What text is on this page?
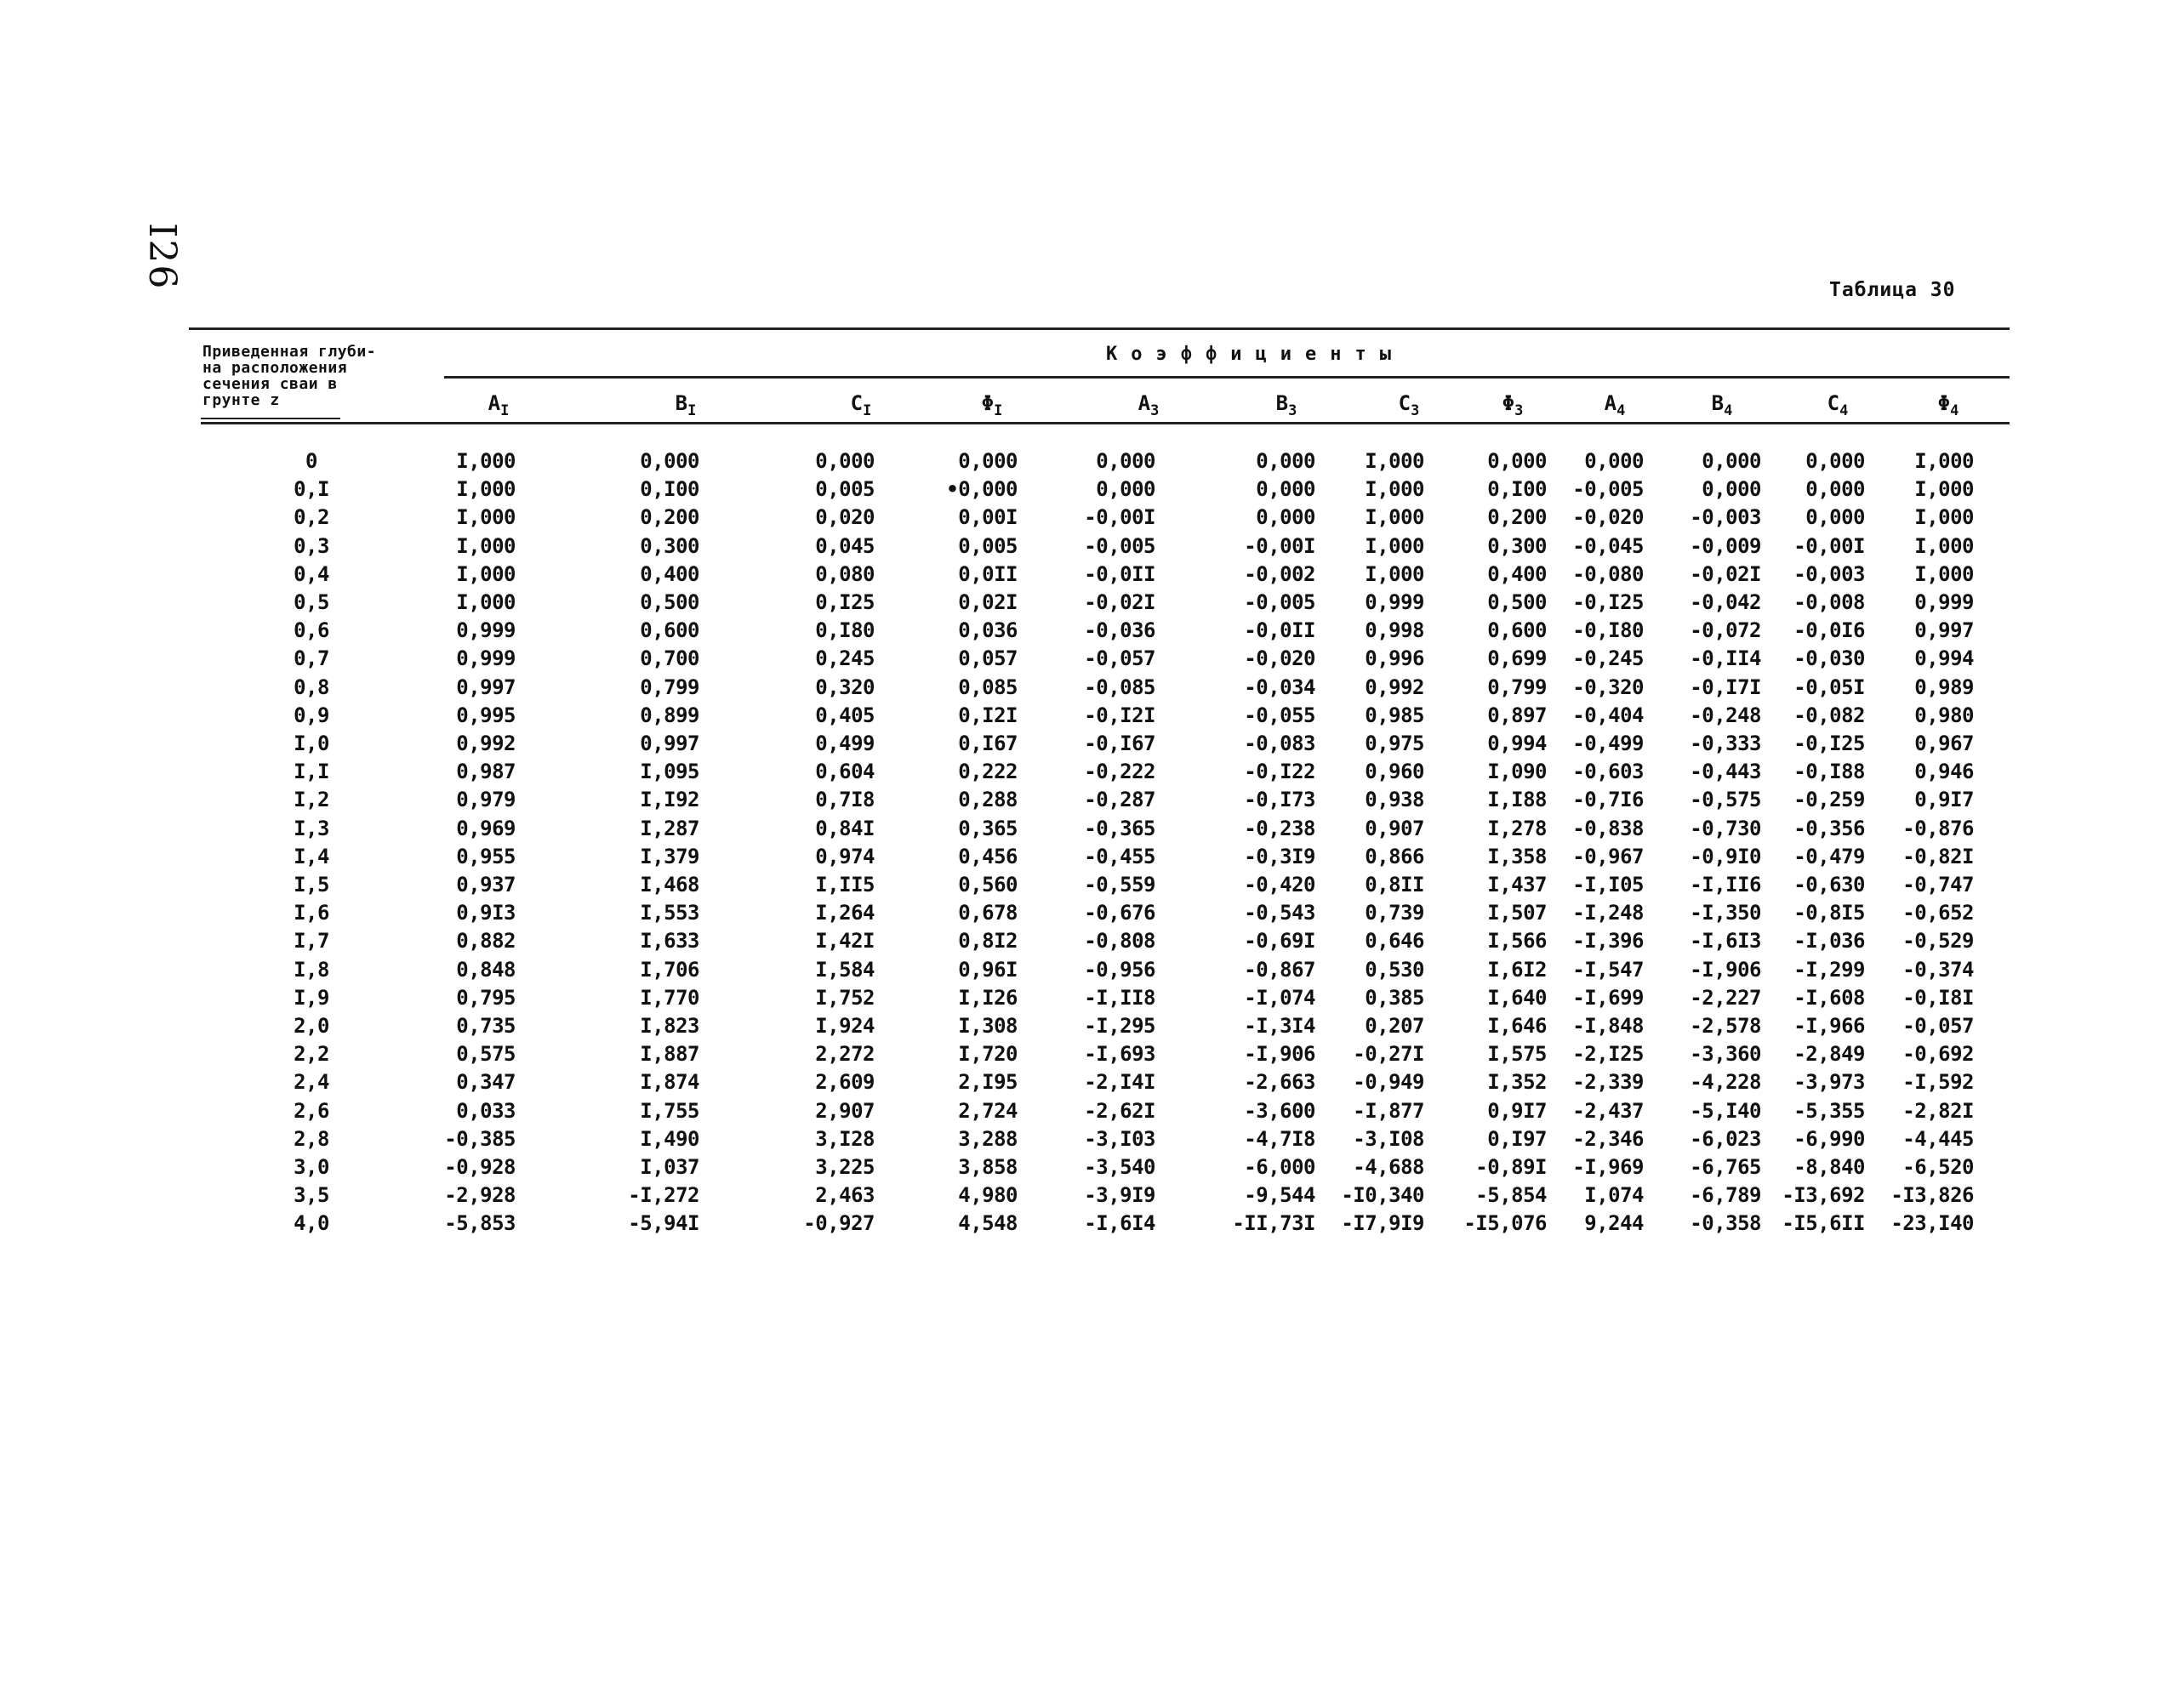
I26	Таблица 30
Приведенная глуби-
на расположения
сечения сваи в
грунте z
Коэффициенты
$A_I$	$B_I$	$C_I$	$\Phi_I$	$A_3$	$B_3$	$C_3$	$\Phi_3$	$A_4$	$B_4$	$C_4$	$\Phi_4$
0	I,000	0,000	0,000	0,000	0,000	0,000 I,000	0,000 0,000	0,000 0,000 I,000
0,I	I,000	0,I00	0,005	•0,000	0,000	0,000 I,000	0,I00 -0,005	0,000 0,000 I,000
0,2	I,000	0,200	0,020	0,00I	-0,00I	0,000 I,000	0,200 -0,020 -0,003 0,000 I,000
0,3	I,000	0,300	0,045	0,005	-0,005	-0,00I I,000	0,300 -0,045 -0,009 -0,00I I,000
0,4	I,000	0,400	0,080	0,0II	-0,0II	-0,002 I,000	0,400 -0,080 -0,02I -0,003 I,000
0,5	I,000	0,500	0,I25	0,02I	-0,02I	-0,005 0,999	0,500 -0,I25 -0,042 -0,008 0,999
0,6	0,999	0,600	0,I80	0,036	-0,036	-0,0II 0,998	0,600 -0,I80 -0,072 -0,0I6 0,997
0,7	0,999	0,700	0,245	0,057	-0,057	-0,020 0,996	0,699 -0,245 -0,II4 -0,030 0,994
0,8	0,997	0,799	0,320	0,085	-0,085	-0,034 0,992	0,799 -0,320 -0,I7I -0,05I 0,989
0,9	0,995	0,899	0,405	0,I2I	-0,I2I	-0,055 0,985	0,897 -0,404 -0,248 -0,082 0,980
I,0	0,992	0,997	0,499	0,I67	-0,I67	-0,083 0,975	0,994 -0,499 -0,333 -0,I25 0,967
I,I	0,987	I,095	0,604	0,222	-0,222	-0,I22 0,960	I,090 -0,603 -0,443 -0,I88 0,946
I,2	0,979	I,I92	0,7I8	0,288	-0,287	-0,I73 0,938	I,I88 -0,7I6 -0,575 -0,259 0,9I7
I,3	0,969	I,287	0,84I	0,365	-0,365	-0,238 0,907	I,278 -0,838 -0,730 -0,356 -0,876
I,4	0,955	I,379	0,974	0,456	-0,455	-0,3I9 0,866	I,358 -0,967 -0,9I0 -0,479 -0,82I
I,5	0,937	I,468	I,II5	0,560	-0,559	-0,420 0,8II	I,437 -I,I05 -I,II6 -0,630 -0,747
I,6	0,9I3	I,553	I,264	0,678	-0,676	-0,543 0,739	I,507 -I,248 -I,350 -0,8I5 -0,652
I,7	0,882	I,633	I,42I	0,8I2	-0,808	-0,69I 0,646	I,566 -I,396 -I,6I3 -I,036 -0,529
I,8	0,848	I,706	I,584	0,96I	-0,956	-0,867 0,530	I,6I2 -I,547 -I,906 -I,299 -0,374
I,9	0,795	I,770	I,752	I,I26	-I,II8	-I,074 0,385	I,640 -I,699 -2,227 -I,608 -0,I8I
2,0	0,735	I,823	I,924	I,308	-I,295	-I,3I4 0,207	I,646 -I,848 -2,578 -I,966 -0,057
2,2	0,575	I,887	2,272	I,720	-I,693	-I,906 -0,27I	I,575 -2,I25 -3,360 -2,849 -0,692
2,4	0,347	I,874	2,609	2,I95	-2,I4I	-2,663 -0,949	I,352 -2,339 -4,228 -3,973 -I,592
2,6	0,033	I,755	2,907	2,724	-2,62I	-3,600 -I,877	0,9I7 -2,437 -5,I40 -5,355 -2,82I
2,8	-0,385	I,490	3,I28	3,288	-3,I03	-4,7I8 -3,I08	0,I97 -2,346 -6,023 -6,990 -4,445
3,0	-0,928	I,037	3,225	3,858	-3,540	-6,000 -4,688	-0,89I -I,969 -6,765 -8,840 -6,520
3,5	-2,928	-I,272	2,463	4,980	-3,9I9	-9,544 -I0,340	-5,854 I,074 -6,789 -I3,692 -I3,826
4,0	-5,853	-5,94I	-0,927	4,548	-I,6I4	-II,73I -I7,9I9 -I5,076 9,244 -0,358 -I5,6II -23,I40
